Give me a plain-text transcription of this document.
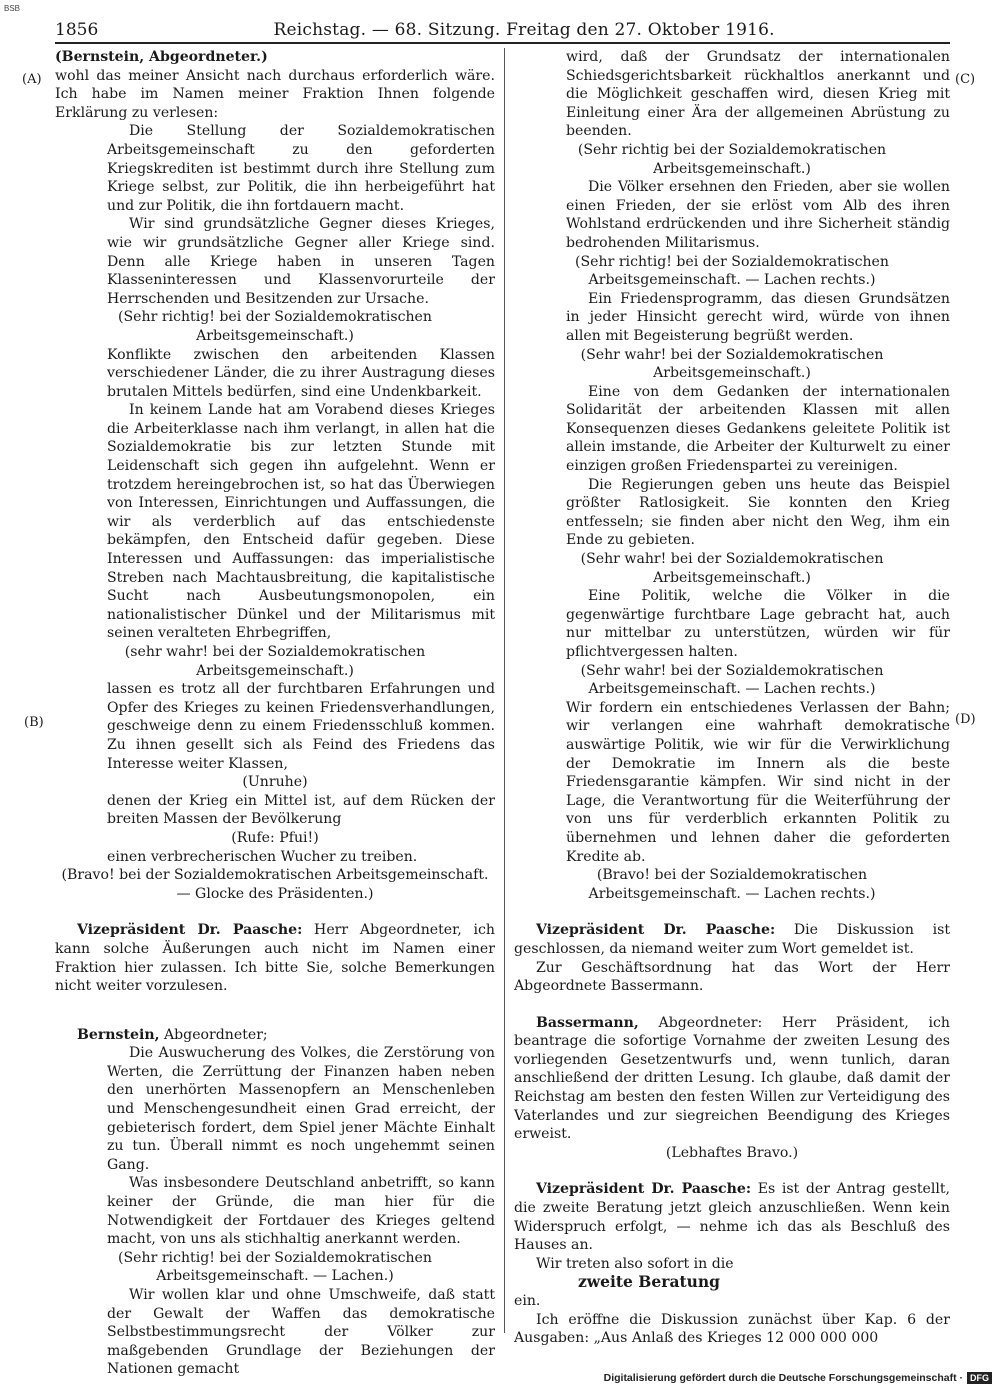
BSB
1856	Reichstag. — 68. Sitzung. Freitag den 27. Oktober 1916.
(A)
(B)
(C)
(D)

(Bernstein, Abgeordneter.)

wohl das meiner Ansicht nach durchaus erforderlich wäre. Ich habe im Namen meiner Fraktion Ihnen folgende Erklärung zu verlesen:

Die Stellung der Sozialdemokratischen Arbeitsgemeinschaft zu den geforderten Kriegskrediten ist bestimmt durch ihre Stellung zum Kriege selbst, zur Politik, die ihn herbeigeführt hat und zur Politik, die ihn fortdauern macht.

Wir sind grundsätzliche Gegner dieses Krieges, wie wir grundsätzliche Gegner aller Kriege sind. Denn alle Kriege haben in unseren Tagen Klasseninteressen und Klassenvorurteile der Herrschenden und Besitzenden zur Ursache.

(Sehr richtig! bei der Sozialdemokratischen Arbeitsgemeinschaft.)

Konflikte zwischen den arbeitenden Klassen verschiedener Länder, die zu ihrer Austragung dieses brutalen Mittels bedürfen, sind eine Undenkbarkeit.

In keinem Lande hat am Vorabend dieses Krieges die Arbeiterklasse nach ihm verlangt, in allen hat die Sozialdemokratie bis zur letzten Stunde mit Leidenschaft sich gegen ihn aufgelehnt. Wenn er trotzdem hereingebrochen ist, so hat das Überwiegen von Interessen, Einrichtungen und Auffassungen, die wir als verderblich auf das entschiedenste bekämpfen, den Entscheid dafür gegeben. Diese Interessen und Auffassungen: das imperialistische Streben nach Machtausbreitung, die kapitalistische Sucht nach Ausbeutungsmonopolen, ein nationalistischer Dünkel und der Militarismus mit seinen veralteten Ehrbegriffen,

(sehr wahr! bei der Sozialdemokratischen Arbeitsgemeinschaft.)

lassen es trotz all der furchtbaren Erfahrungen und Opfer des Krieges zu keinen Friedensverhandlungen, geschweige denn zu einem Friedensschluß kommen. Zu ihnen gesellt sich als Feind des Friedens das Interesse weiter Klassen,

(Unruhe)

denen der Krieg ein Mittel ist, auf dem Rücken der breiten Massen der Bevölkerung

(Rufe: Pfui!)

einen verbrecherischen Wucher zu treiben.

(Bravo! bei der Sozialdemokratischen Arbeitsgemeinschaft. — Glocke des Präsidenten.)

Vizepräsident Dr. Paasche: Herr Abgeordneter, ich kann solche Äußerungen auch nicht im Namen einer Fraktion hier zulassen. Ich bitte Sie, solche Bemerkungen nicht weiter vorzulesen.

Bernstein, Abgeordneter;

Die Auswucherung des Volkes, die Zerstörung von Werten, die Zerrüttung der Finanzen haben neben den unerhörten Massenopfern an Menschenleben und Menschengesundheit einen Grad erreicht, der gebieterisch fordert, dem Spiel jener Mächte Einhalt zu tun. Überall nimmt es noch ungehemmt seinen Gang.

Was insbesondere Deutschland anbetrifft, so kann keiner der Gründe, die man hier für die Notwendigkeit der Fortdauer des Krieges geltend macht, von uns als stichhaltig anerkannt werden.

(Sehr richtig! bei der Sozialdemokratischen Arbeitsgemeinschaft. — Lachen.)

Wir wollen klar und ohne Umschweife, daß statt der Gewalt der Waffen das demokratische Selbstbestimmungsrecht der Völker zur maßgebenden Grundlage der Beziehungen der Nationen gemacht

wird, daß der Grundsatz der internationalen Schiedsgerichtsbarkeit rückhaltlos anerkannt und die Möglichkeit geschaffen wird, diesen Krieg mit Einleitung einer Ära der allgemeinen Abrüstung zu beenden.

(Sehr richtig bei der Sozialdemokratischen Arbeitsgemeinschaft.)

Die Völker ersehnen den Frieden, aber sie wollen einen Frieden, der sie erlöst vom Alb des ihren Wohlstand erdrückenden und ihre Sicherheit ständig bedrohenden Militarismus.

(Sehr richtig! bei der Sozialdemokratischen Arbeitsgemeinschaft. — Lachen rechts.)

Ein Friedensprogramm, das diesen Grundsätzen in jeder Hinsicht gerecht wird, würde von ihnen allen mit Begeisterung begrüßt werden.

(Sehr wahr! bei der Sozialdemokratischen Arbeitsgemeinschaft.)

Eine von dem Gedanken der internationalen Solidarität der arbeitenden Klassen mit allen Konsequenzen dieses Gedankens geleitete Politik ist allein imstande, die Arbeiter der Kulturwelt zu einer einzigen großen Friedenspartei zu vereinigen.

Die Regierungen geben uns heute das Beispiel größter Ratlosigkeit. Sie konnten den Krieg entfesseln; sie finden aber nicht den Weg, ihm ein Ende zu gebieten.

(Sehr wahr! bei der Sozialdemokratischen Arbeitsgemeinschaft.)

Eine Politik, welche die Völker in die gegenwärtige furchtbare Lage gebracht hat, auch nur mittelbar zu unterstützen, würden wir für pflichtvergessen halten.

(Sehr wahr! bei der Sozialdemokratischen Arbeitsgemeinschaft. — Lachen rechts.)

Wir fordern ein entschiedenes Verlassen der Bahn; wir verlangen eine wahrhaft demokratische auswärtige Politik, wie wir für die Verwirklichung der Demokratie im Innern als die beste Friedensgarantie kämpfen. Wir sind nicht in der Lage, die Verantwortung für die Weiterführung der von uns für verderblich erkannten Politik zu übernehmen und lehnen daher die geforderten Kredite ab.

(Bravo! bei der Sozialdemokratischen Arbeitsgemeinschaft. — Lachen rechts.)

Vizepräsident Dr. Paasche: Die Diskussion ist geschlossen, da niemand weiter zum Wort gemeldet ist.

Zur Geschäftsordnung hat das Wort der Herr Abgeordnete Bassermann.

Bassermann, Abgeordneter: Herr Präsident, ich beantrage die sofortige Vornahme der zweiten Lesung des vorliegenden Gesetzentwurfs und, wenn tunlich, daran anschließend der dritten Lesung. Ich glaube, daß damit der Reichstag am besten den festen Willen zur Verteidigung des Vaterlandes und zur siegreichen Beendigung des Krieges erweist.

(Lebhaftes Bravo.)

Vizepräsident Dr. Paasche: Es ist der Antrag gestellt, die zweite Beratung jetzt gleich anzuschließen. Wenn kein Widerspruch erfolgt, — nehme ich das als Beschluß des Hauses an.

Wir treten also sofort in die

zweite Beratung

ein.

Ich eröffne die Diskussion zunächst über Kap. 6 der Ausgaben: „Aus Anlaß des Krieges 12 000 000 000

Digitalisierung gefördert durch die Deutsche Forschungsgemeinschaft · DFG
